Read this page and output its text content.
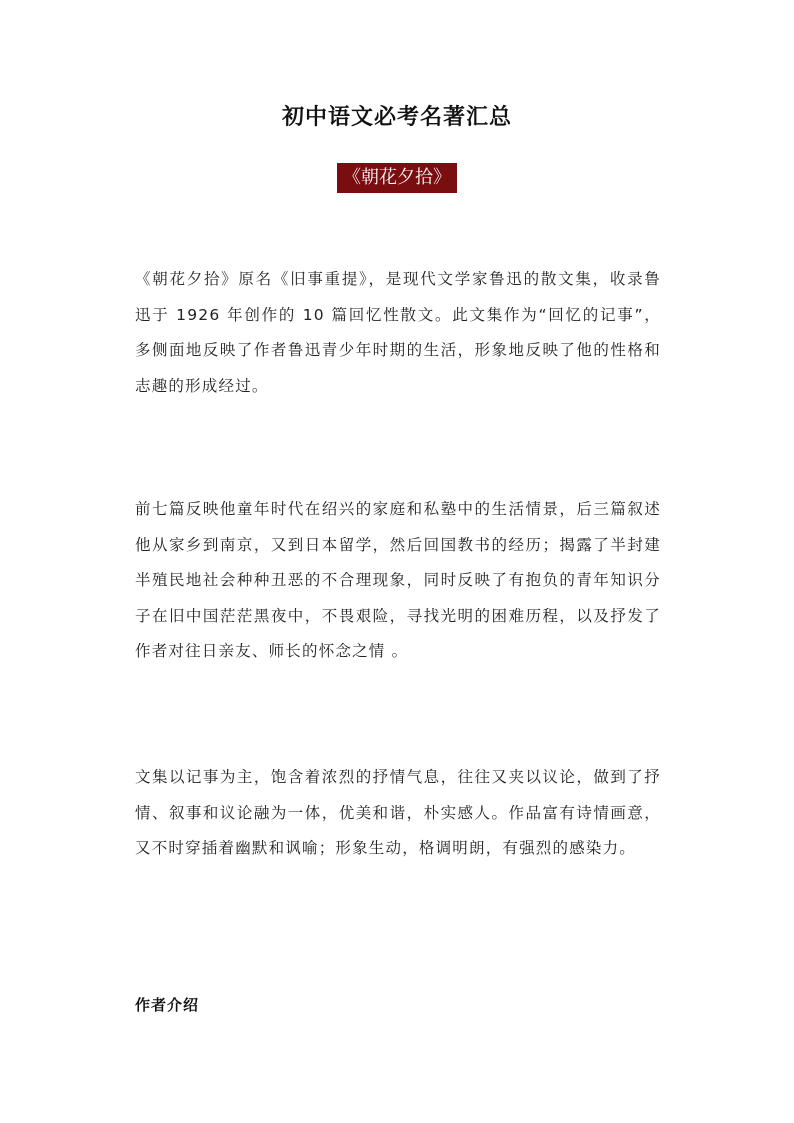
初中语文必考名著汇总
《朝花夕拾》

《朝花夕拾》原名《旧事重提》，是现代文学家鲁迅的散文集，收录鲁迅于 1926 年创作的 10 篇回忆性散文。此文集作为“回忆的记事”，多侧面地反映了作者鲁迅青少年时期的生活，形象地反映了他的性格和志趣的形成经过。

前七篇反映他童年时代在绍兴的家庭和私塾中的生活情景，后三篇叙述他从家乡到南京，又到日本留学，然后回国教书的经历；揭露了半封建半殖民地社会种种丑恶的不合理现象，同时反映了有抱负的青年知识分子在旧中国茫茫黑夜中，不畏艰险，寻找光明的困难历程，以及抒发了作者对往日亲友、师长的怀念之情 。

文集以记事为主，饱含着浓烈的抒情气息，往往又夹以议论，做到了抒情、叙事和议论融为一体，优美和谐，朴实感人。作品富有诗情画意，又不时穿插着幽默和讽喻；形象生动，格调明朗，有强烈的感染力。

作者介绍
